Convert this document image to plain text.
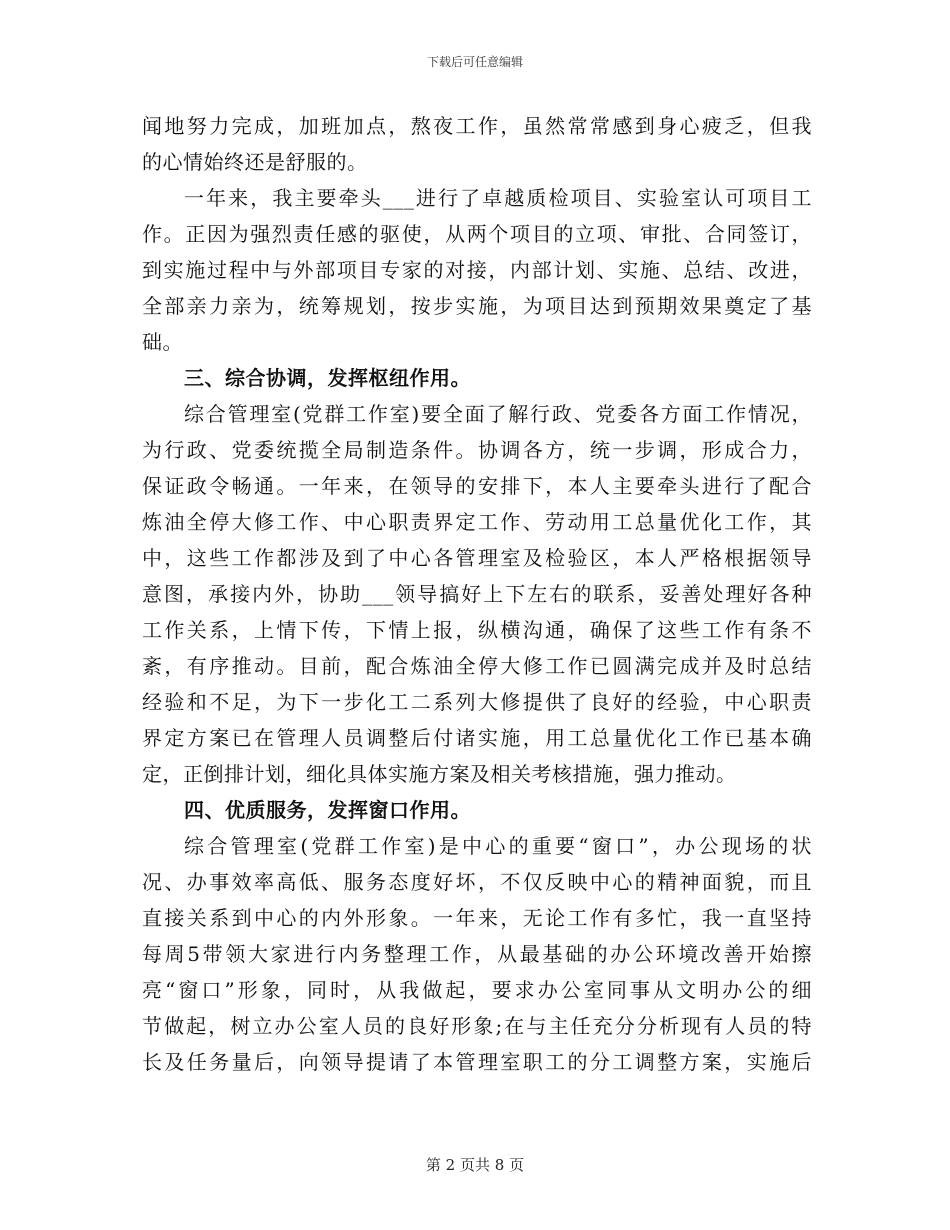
下载后可任意编辑
闻地努力完成，加班加点，熬夜工作，虽然常常感到身心疲乏，但我
的心情始终还是舒服的。
一年来，我主要牵头___进行了卓越质检项目、实验室认可项目工
作。正因为强烈责任感的驱使，从两个项目的立项、审批、合同签订，
到实施过程中与外部项目专家的对接，内部计划、实施、总结、改进，
全部亲力亲为，统筹规划，按步实施，为项目达到预期效果奠定了基
础。
三、综合协调，发挥枢纽作用。
综合管理室(党群工作室)要全面了解行政、党委各方面工作情况，
为行政、党委统揽全局制造条件。协调各方，统一步调，形成合力，
保证政令畅通。一年来，在领导的安排下，本人主要牵头进行了配合
炼油全停大修工作、中心职责界定工作、劳动用工总量优化工作，其
中，这些工作都涉及到了中心各管理室及检验区，本人严格根据领导
意图，承接内外，协助___领导搞好上下左右的联系，妥善处理好各种
工作关系，上情下传，下情上报，纵横沟通，确保了这些工作有条不
紊，有序推动。目前，配合炼油全停大修工作已圆满完成并及时总结
经验和不足，为下一步化工二系列大修提供了良好的经验，中心职责
界定方案已在管理人员调整后付诸实施，用工总量优化工作已基本确
定，正倒排计划，细化具体实施方案及相关考核措施，强力推动。
四、优质服务，发挥窗口作用。
综合管理室(党群工作室)是中心的重要“窗口”，办公现场的状
况、办事效率高低、服务态度好坏，不仅反映中心的精神面貌，而且
直接关系到中心的内外形象。一年来，无论工作有多忙，我一直坚持
每周5带领大家进行内务整理工作，从最基础的办公环境改善开始擦
亮“窗口”形象，同时，从我做起，要求办公室同事从文明办公的细
节做起，树立办公室人员的良好形象;在与主任充分分析现有人员的特
长及任务量后，向领导提请了本管理室职工的分工调整方案，实施后
第 2 页共 8 页
